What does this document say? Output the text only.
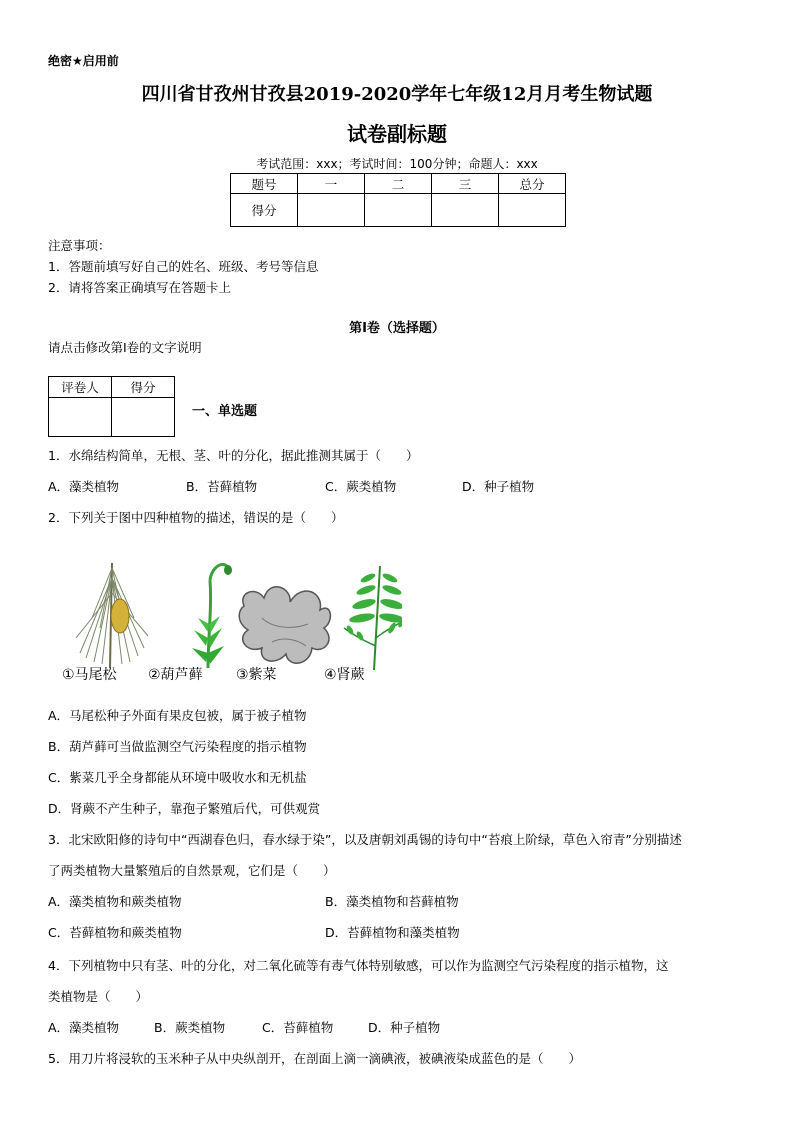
绝密★启用前
四川省甘孜州甘孜县2019-2020学年七年级12月月考生物试题
试卷副标题
考试范围：xxx；考试时间：100分钟；命题人：xxx
题号	一	二	三	总分
得分				
注意事项：
1．答题前填写好自己的姓名、班级、考号等信息
2．请将答案正确填写在答题卡上
第I卷（选择题）
请点击修改第I卷的文字说明
评卷人	得分

一、单选题
1．水绵结构简单，无根、茎、叶的分化，据此推测其属于（　　）
A．藻类植物	B．苔藓植物	C．蕨类植物	D．种子植物
2．下列关于图中四种植物的描述，错误的是（　　）
①马尾松 ②葫芦藓 ③紫菜	④肾蕨
A．马尾松种子外面有果皮包被，属于被子植物
B．葫芦藓可当做监测空气污染程度的指示植物
C．紫菜几乎全身都能从环境中吸收水和无机盐
D．肾蕨不产生种子，靠孢子繁殖后代，可供观赏
3．北宋欧阳修的诗句中“西湖春色归，春水绿于染”，以及唐朝刘禹锡的诗句中“苔痕上阶绿，草色入帘青”分别描述
了两类植物大量繁殖后的自然景观，它们是（　　）
A．藻类植物和蕨类植物	B．藻类植物和苔藓植物
C．苔藓植物和蕨类植物	D．苔藓植物和藻类植物
4．下列植物中只有茎、叶的分化，对二氧化硫等有毒气体特别敏感，可以作为监测空气污染程度的指示植物，这
类植物是（　　）
A．藻类植物	B．蕨类植物	C．苔藓植物	D．种子植物
5．用刀片将浸软的玉米种子从中央纵剖开，在剖面上滴一滴碘液，被碘液染成蓝色的是（　　）
